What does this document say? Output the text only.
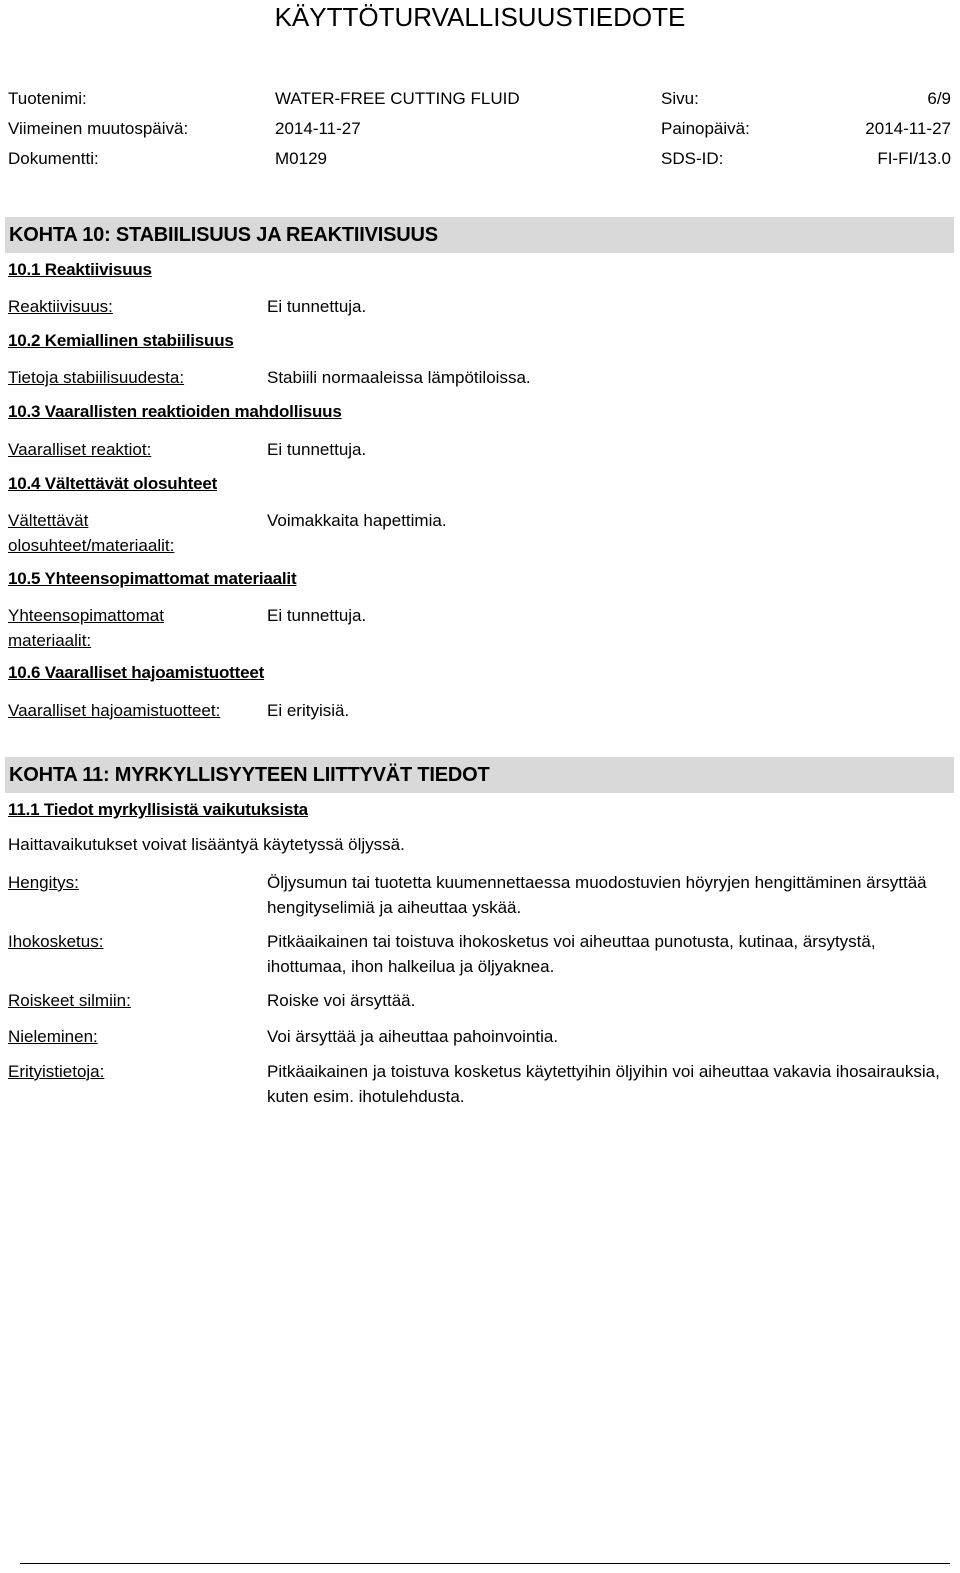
KÄYTTÖTURVALLISUUSTIEDOTE
Tuotenimi:	WATER-FREE CUTTING FLUID	Sivu:	6/9
Viimeinen muutospäivä:	2014-11-27	Painopäivä:	2014-11-27
Dokumentti:	M0129	SDS-ID:	FI-FI/13.0
KOHTA 10: STABIILISUUS JA REAKTIIVISUUS
10.1 Reaktiivisuus
Reaktiivisuus:	Ei tunnettuja.
10.2 Kemiallinen stabiilisuus
Tietoja stabiilisuudesta:	Stabiili normaaleissa lämpötiloissa.
10.3 Vaarallisten reaktioiden mahdollisuus
Vaaralliset reaktiot:	Ei tunnettuja.
10.4 Vältettävät olosuhteet
Vältettävät olosuhteet/materiaalit:
Voimakkaita hapettimia.
10.5 Yhteensopimattomat materiaalit
Yhteensopimattomat materiaalit:
Ei tunnettuja.
10.6 Vaaralliset hajoamistuotteet
Vaaralliset hajoamistuotteet:	Ei erityisiä.
KOHTA 11: MYRKYLLISYYTEEN LIITTYVÄT TIEDOT
11.1 Tiedot myrkyllisistä vaikutuksista
Haittavaikutukset voivat lisääntyä käytetyssä öljyssä.
Hengitys:	Öljysumun tai tuotetta kuumennettaessa muodostuvien höyryjen hengittäminen ärsyttää hengityselimiä ja aiheuttaa yskää.
Ihokosketus:	Pitkäaikainen tai toistuva ihokosketus voi aiheuttaa punotusta, kutinaa, ärsytystä, ihottumaa, ihon halkeilua ja öljyaknea.
Roiskeet silmiin:	Roiske voi ärsyttää.
Nieleminen:	Voi ärsyttää ja aiheuttaa pahoinvointia.
Erityistietoja:	Pitkäaikainen ja toistuva kosketus käytettyihin öljyihin voi aiheuttaa vakavia ihosairauksia, kuten esim. ihotulehdusta.
